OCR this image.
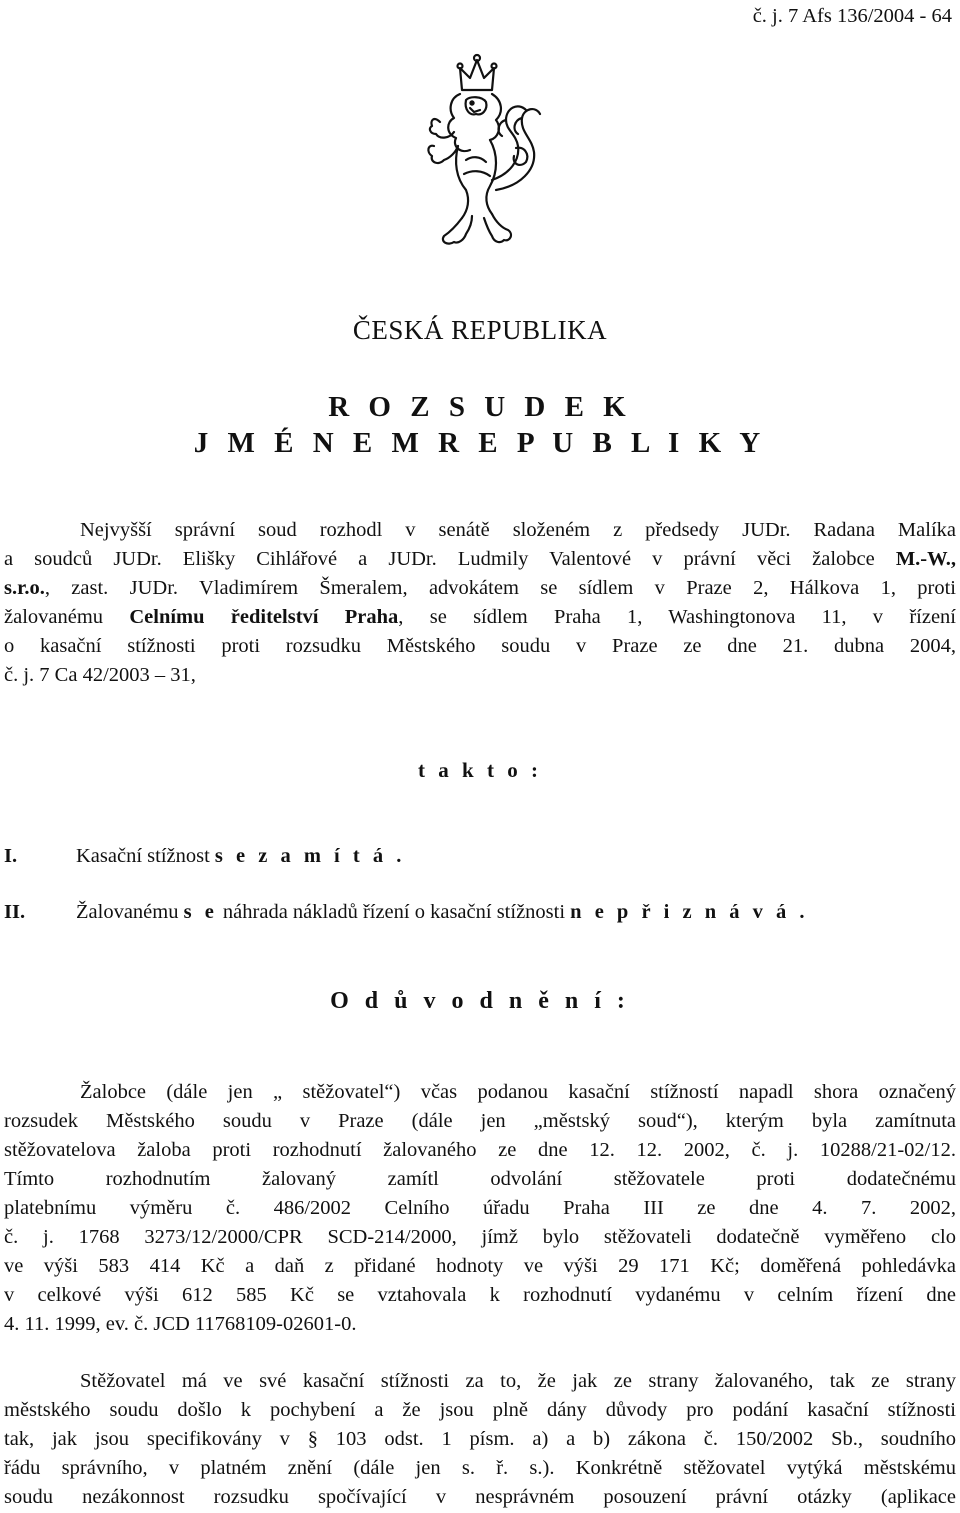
č. j. 7 Afs 136/2004 - 64
ČESKÁ REPUBLIKA
R O Z S U D E K
J M É N E M R E P U B L I K Y
Nejvyšší správní soud rozhodl v senátě složeném z předsedy JUDr. Radana Malíka
a soudců JUDr. Elišky Cihlářové a JUDr. Ludmily Valentové v právní věci žalobce M.-W.,
s.r.o., zast. JUDr. Vladimírem Šmeralem, advokátem se sídlem v Praze 2, Hálkova 1, proti
žalovanému Celnímu ředitelství Praha, se sídlem Praha 1, Washingtonova 11, v řízení
o kasační stížnosti proti rozsudku Městského soudu v Praze ze dne 21. dubna 2004,
č. j. 7 Ca 42/2003 – 31,
t a k t o :
I.	Kasační stížnost s e z a m í t á .
II. Žalovanému s e náhrada nákladů řízení o kasační stížnosti n e p ř i z n á v á .
O d ů v o d n ě n í :
Žalobce (dále jen „ stěžovatel“) včas podanou kasační stížností napadl shora označený
rozsudek Městského soudu v Praze (dále jen „městský soud“), kterým byla zamítnuta
stěžovatelova žaloba proti rozhodnutí žalovaného ze dne 12. 12. 2002, č. j. 10288/21-02/12.
Tímto rozhodnutím žalovaný zamítl odvolání stěžovatele proti dodatečnému
platebnímu výměru č. 486/2002 Celního úřadu Praha III ze dne 4. 7. 2002,
č. j. 1768 3273/12/2000/CPR SCD-214/2000, jímž bylo stěžovateli dodatečně vyměřeno clo
ve výši 583 414 Kč a daň z přidané hodnoty ve výši 29 171 Kč; doměřená pohledávka
v celkové výši 612 585 Kč se vztahovala k rozhodnutí vydanému v celním řízení dne
4. 11. 1999, ev. č. JCD 11768109-02601-0.
Stěžovatel má ve své kasační stížnosti za to, že jak ze strany žalovaného, tak ze strany
městského soudu došlo k pochybení a že jsou plně dány důvody pro podání kasační stížnosti
tak, jak jsou specifikovány v § 103 odst. 1 písm. a) a b) zákona č. 150/2002 Sb., soudního
řádu správního, v platném znění (dále jen s. ř. s.). Konkrétně stěžovatel vytýká městskému
soudu nezákonnost rozsudku spočívající v nesprávném posouzení právní otázky (aplikace
